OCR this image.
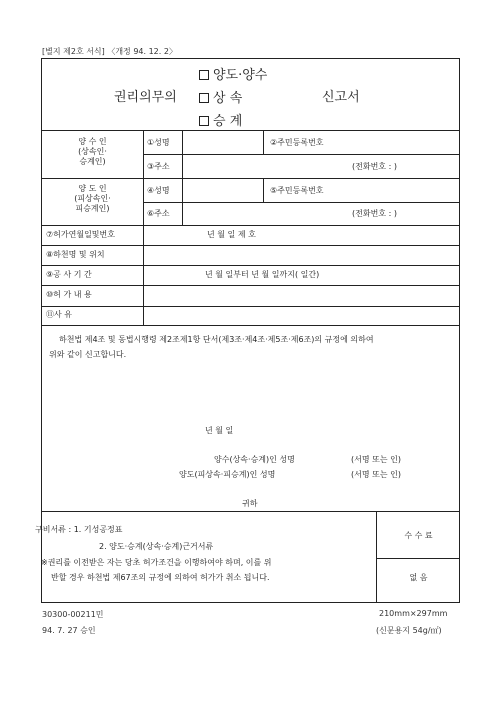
[별지 제2호 서식] 〈개정 94. 12. 2〉
권리의무의
양도·양수
상 속
승 계
신고서
양 수 인
(상속인·
승계인)
①성명	②주민등록번호
③주소	(전화번호 : )
양 도 인
(피상속인·
피승계인)
④성명	⑤주민등록번호
⑥주소	(전화번호 : )
⑦허가연월일및번호	년 월 일 제 호
⑧하천명 및 위치
⑨공 사 기 간	년 월 일부터 년 월 일까지( 일간)
⑩허 가 내 용
⑪사 유
하천법 제4조 및 동법시행령 제2조제1항 단서(제3조·제4조·제5조·제6조)의 규정에 의하여
위와 같이 신고합니다.
년 월 일
양수(상속·승계)인 성명	(서명 또는 인)
양도(피상속·피승계)인 성명	(서명 또는 인)
귀하
구비서류 : 1. 기성공정표
2. 양도·승계(상속·승계)근거서류
※권리를 이전받은 자는 당초 허가조건을 이행하여야 하며, 이를 위
반할 경우 하천법 제67조의 규정에 의하여 허가가 취소 됩니다.
수 수 료
없 음
30300-00211민
94. 7. 27 승인
210mm×297mm
(신문용지 54g/㎡)
